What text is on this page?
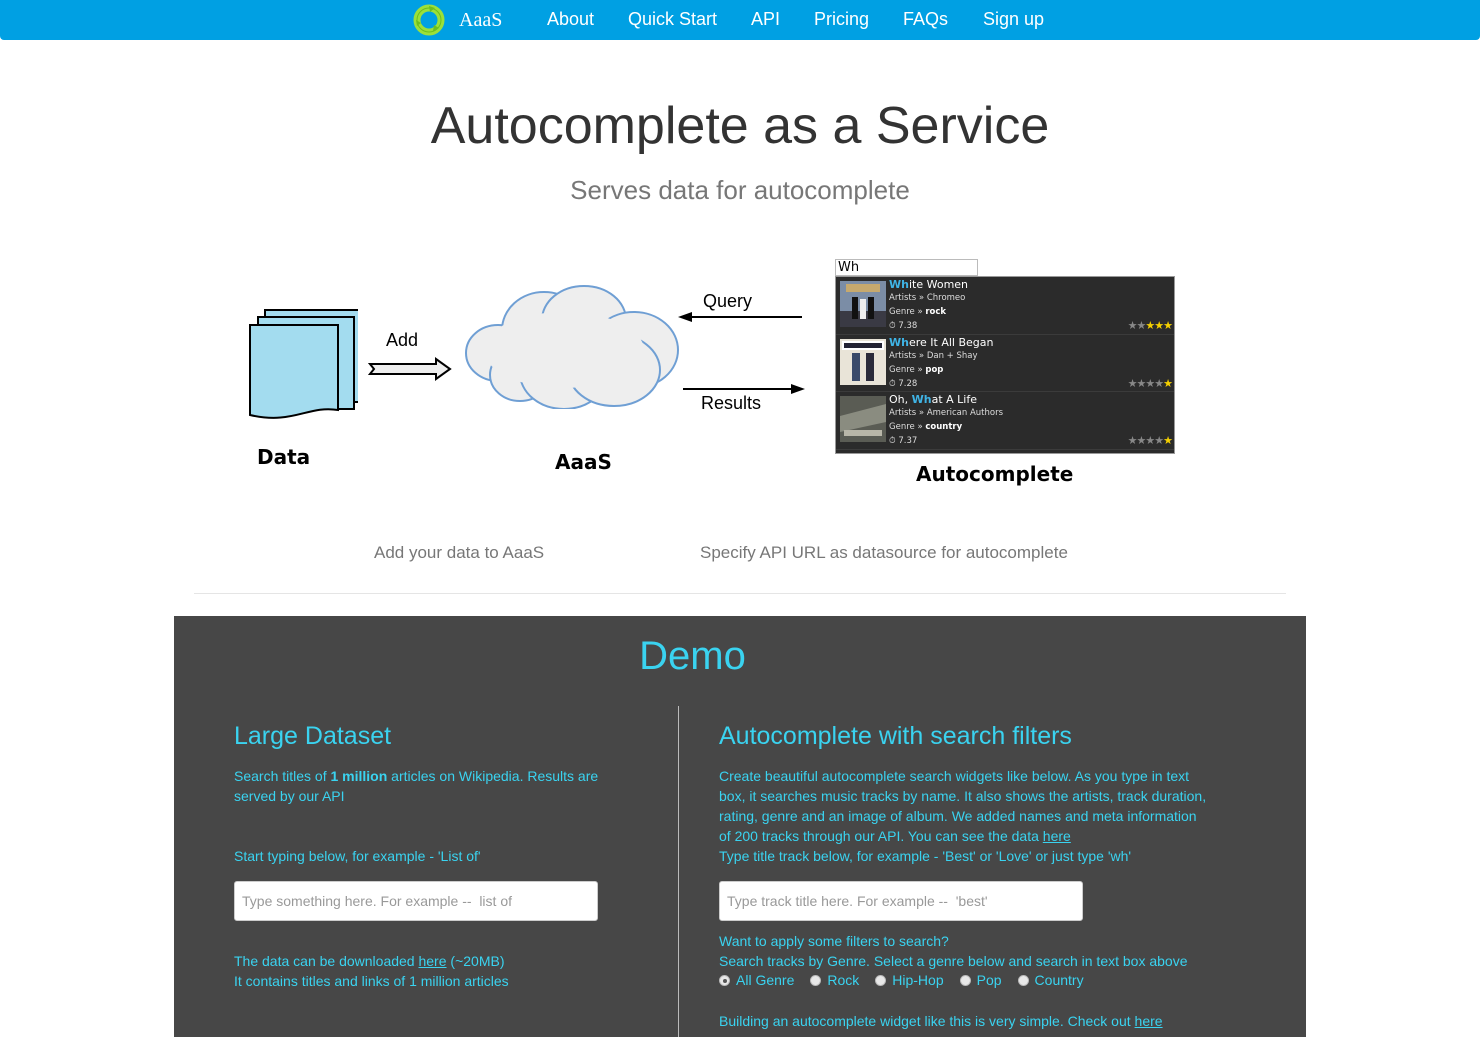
AaaS About Quick Start API Pricing FAQs Sign up
Autocomplete as a Service
Serves data for autocomplete
Add
Data	AaaS
Query
Results
Wh
White Women
Artists » Chromeo
Genre » rock
⏱ 7.38	★★★★★
Where It All Began
Artists » Dan + Shay
Genre » pop
⏱ 7.28	★★★★★
Oh, What A Life
Artists » American Authors
Genre » country
⏱ 7.37	★★★★★
Autocomplete
Add your data to AaaS	Specify API URL as datasource for autocomplete
Demo
Large Dataset
Search titles of 1 million articles on Wikipedia. Results are served by our API
Start typing below, for example - 'List of'
Type something here. For example -- list of
The data can be downloaded here (~20MB)
It contains titles and links of 1 million articles
Autocomplete with search filters
Create beautiful autocomplete search widgets like below. As you type in text box, it searches music tracks by name. It also shows the artists, track duration, rating, genre and an image of album. We added names and meta information of 200 tracks through our API. You can see the data here
Type title track below, for example - 'Best' or 'Love' or just type 'wh'
Type track title here. For example -- 'best'
Want to apply some filters to search?
Search tracks by Genre. Select a genre below and search in text box above
All Genre Rock Hip-Hop Pop Country
Building an autocomplete widget like this is very simple. Check out here
